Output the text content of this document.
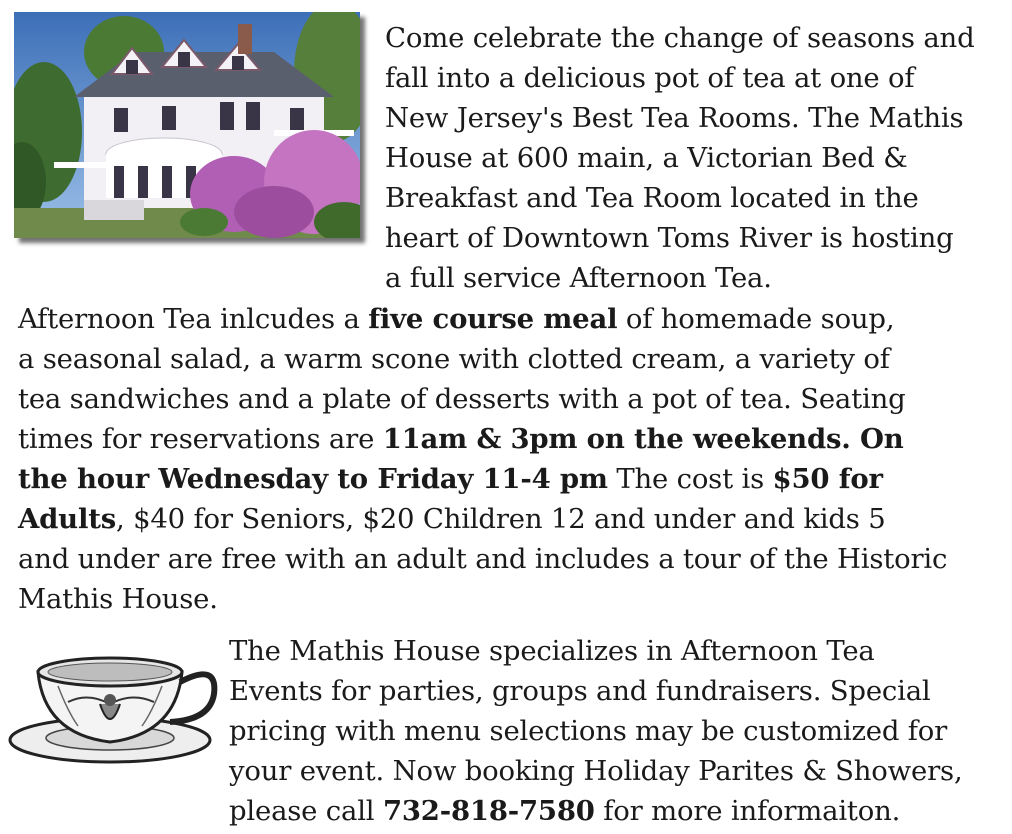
Come celebrate the change of seasons and
fall into a delicious pot of tea at one of
New Jersey's Best Tea Rooms. The Mathis
House at 600 main, a Victorian Bed &
Breakfast and Tea Room located in the
heart of Downtown Toms River is hosting
a full service Afternoon Tea.
Afternoon Tea inlcudes a five course meal of homemade soup,
a seasonal salad, a warm scone with clotted cream, a variety of
tea sandwiches and a plate of desserts with a pot of tea. Seating
times for reservations are 11am & 3pm on the weekends. On
the hour Wednesday to Friday 11-4 pm The cost is $50 for
Adults, $40 for Seniors, $20 Children 12 and under and kids 5
and under are free with an adult and includes a tour of the Historic
Mathis House.
The Mathis House specializes in Afternoon Tea
Events for parties, groups and fundraisers. Special
pricing with menu selections may be customized for
your event. Now booking Holiday Parites & Showers,
please call 732-818-7580 for more informaiton.
